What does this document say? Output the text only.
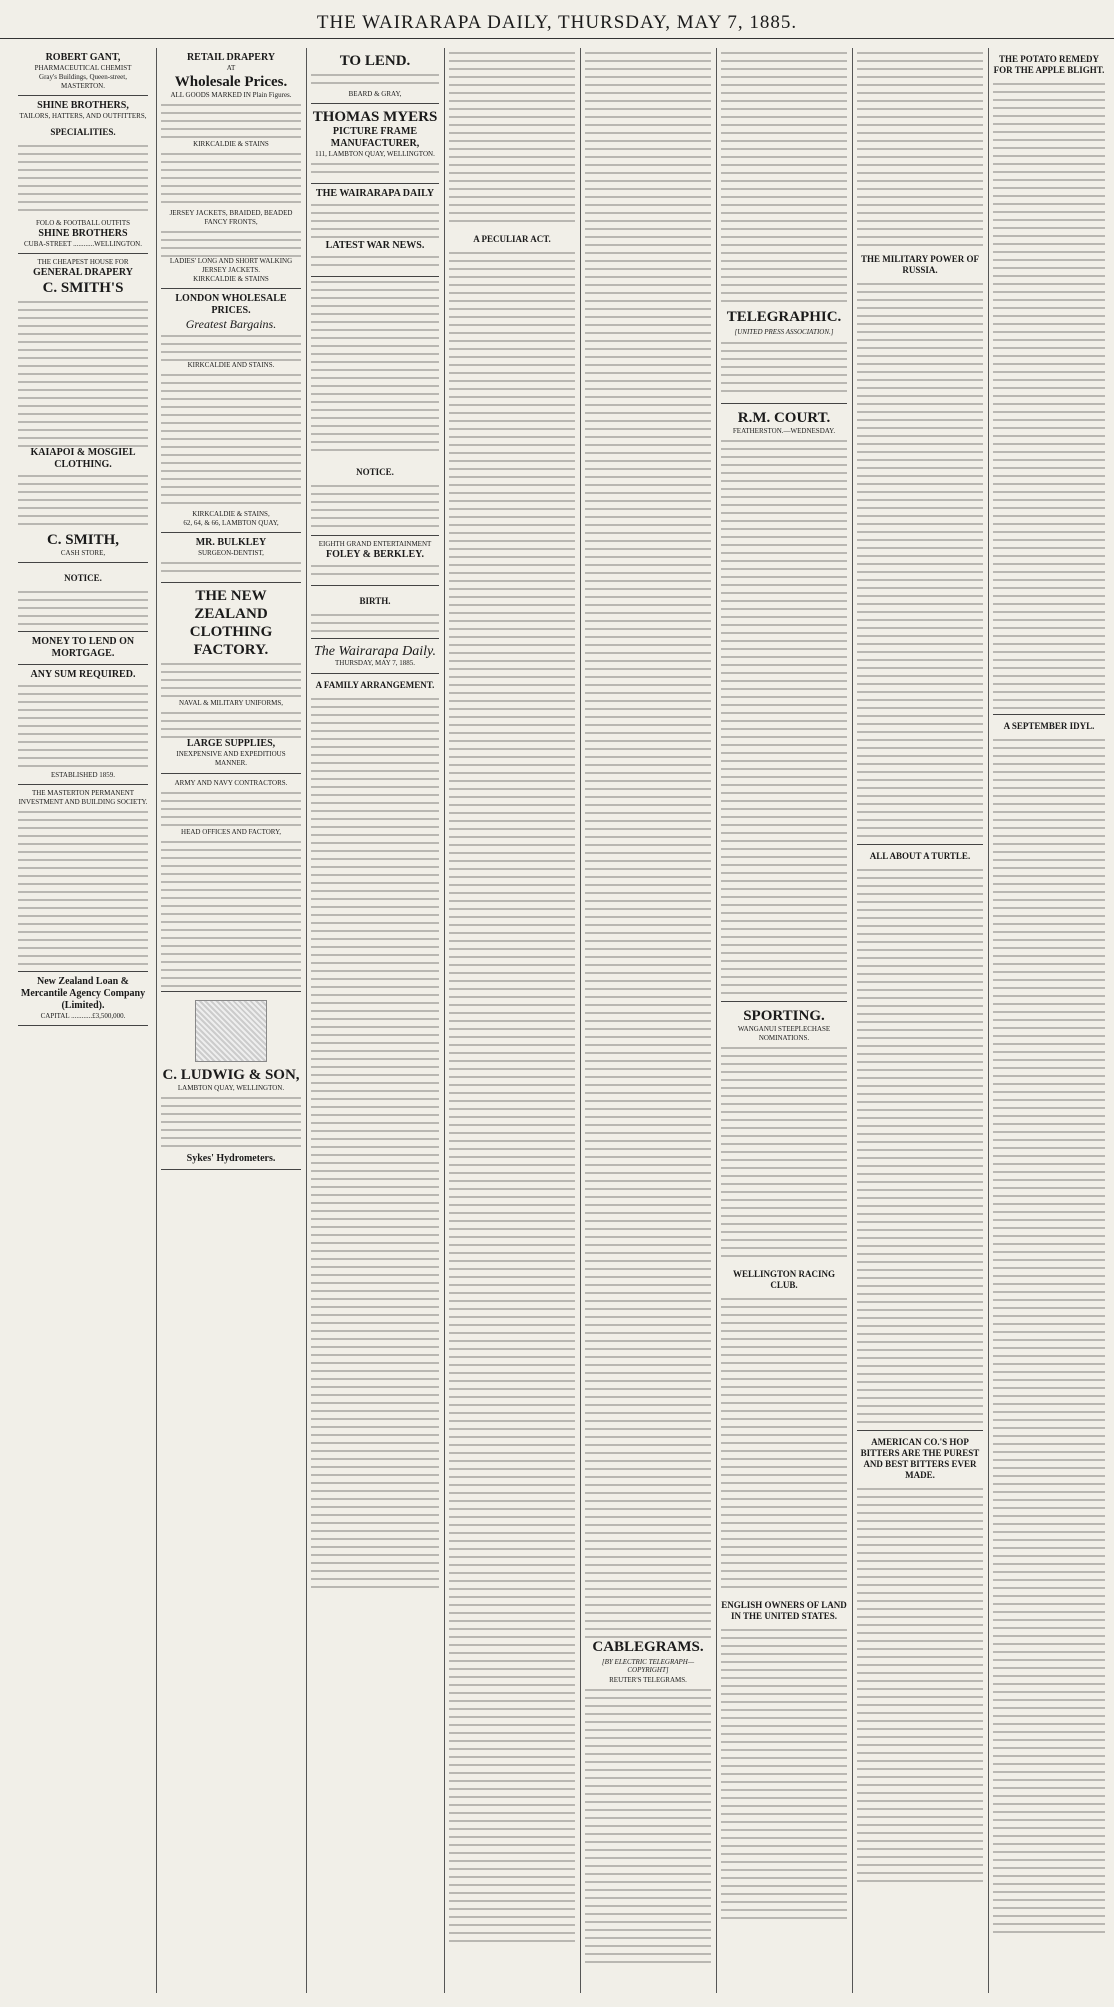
THE WAIRARAPA DAILY, THURSDAY, MAY 7, 1885.
ROBERT GANT,
PHARMACEUTICAL CHEMIST
Gray's Buildings, Queen-street, MASTERTON.
SHINE BROTHERS,
TAILORS, HATTERS, AND OUTFITTERS,
SPECIALITIES.

FOLO & FOOTBALL OUTFITS
SHINE BROTHERS
CUBA-STREET ............WELLINGTON.
THE CHEAPEST HOUSE FOR
GENERAL DRAPERY
C. SMITH'S
KAIAPOI & MOSGIEL CLOTHING.
C. SMITH,
CASH STORE,
NOTICE.
MONEY TO LEND ON MORTGAGE.
ANY SUM REQUIRED.
ESTABLISHED 1859.
THE MASTERTON PERMANENT INVESTMENT AND BUILDING SOCIETY.
New Zealand Loan & Mercantile Agency Company (Limited).
CAPITAL ............£3,500,000.
RETAIL DRAPERY
AT
Wholesale Prices.
ALL GOODS MARKED IN Plain Figures.
KIRKCALDIE & STAINS
JERSEY JACKETS, BRAIDED, BEADED FANCY FRONTS,
LADIES' LONG AND SHORT WALKING JERSEY JACKETS.
KIRKCALDIE & STAINS
LONDON WHOLESALE PRICES.
Greatest Bargains.
KIRKCALDIE AND STAINS.
KIRKCALDIE & STAINS,
62, 64, & 66, LAMBTON QUAY,
MR. BULKLEY
SURGEON-DENTIST,
THE NEW ZEALAND CLOTHING FACTORY.
NAVAL & MILITARY UNIFORMS,
LARGE SUPPLIES,
INEXPENSIVE AND EXPEDITIOUS MANNER.
ARMY AND NAVY CONTRACTORS.
HEAD OFFICES AND FACTORY,
C. LUDWIG & SON,
LAMBTON QUAY, WELLINGTON.
Sykes' Hydrometers.
TO LEND.
BEARD & GRAY,
THOMAS MYERS
PICTURE FRAME MANUFACTURER,
111, LAMBTON QUAY, WELLINGTON.
THE WAIRARAPA DAILY
LATEST WAR NEWS.
NOTICE.
EIGHTH GRAND ENTERTAINMENT
FOLEY & BERKLEY.
BIRTH.
The Wairarapa Daily.
THURSDAY, MAY 7, 1885.
A FAMILY ARRANGEMENT.
A PECULIAR ACT.
CABLEGRAMS.
[BY ELECTRIC TELEGRAPH—COPYRIGHT]
REUTER'S TELEGRAMS.
TELEGRAPHIC.
[UNITED PRESS ASSOCIATION.]
R.M. COURT.
FEATHERSTON.—WEDNESDAY.
SPORTING.
WANGANUI STEEPLECHASE NOMINATIONS.
WELLINGTON RACING CLUB.
ENGLISH OWNERS OF LAND IN THE UNITED STATES.
THE MILITARY POWER OF RUSSIA.
ALL ABOUT A TURTLE.
AMERICAN CO.'S HOP BITTERS ARE THE PUREST AND BEST BITTERS EVER MADE.
THE POTATO REMEDY FOR THE APPLE BLIGHT.
A SEPTEMBER IDYL.
